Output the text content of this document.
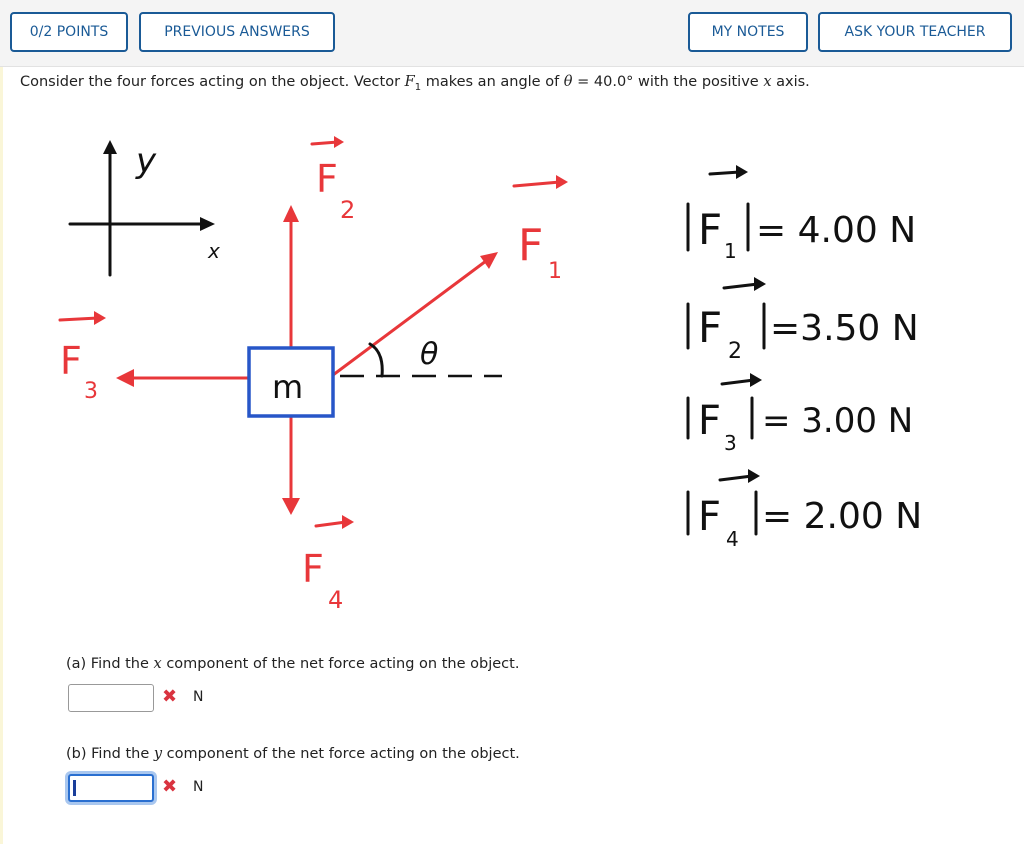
0/2 POINTS	PREVIOUS ANSWERS	MY NOTES	ASK YOUR TEACHER
Consider the four forces acting on the object. Vector $F_1$ makes an angle of θ = 40.0° with the positive x axis.
y
x
θ
m
F
2
F
1
F
3
F
4
F 1 = 4.00 N
F 2
=3.50 N
F 3
= 3.00 N
F 4
= 2.00 N
(a) Find the x component of the net force acting on the object.
✖ N
(b) Find the y component of the net force acting on the object.
✖ N
